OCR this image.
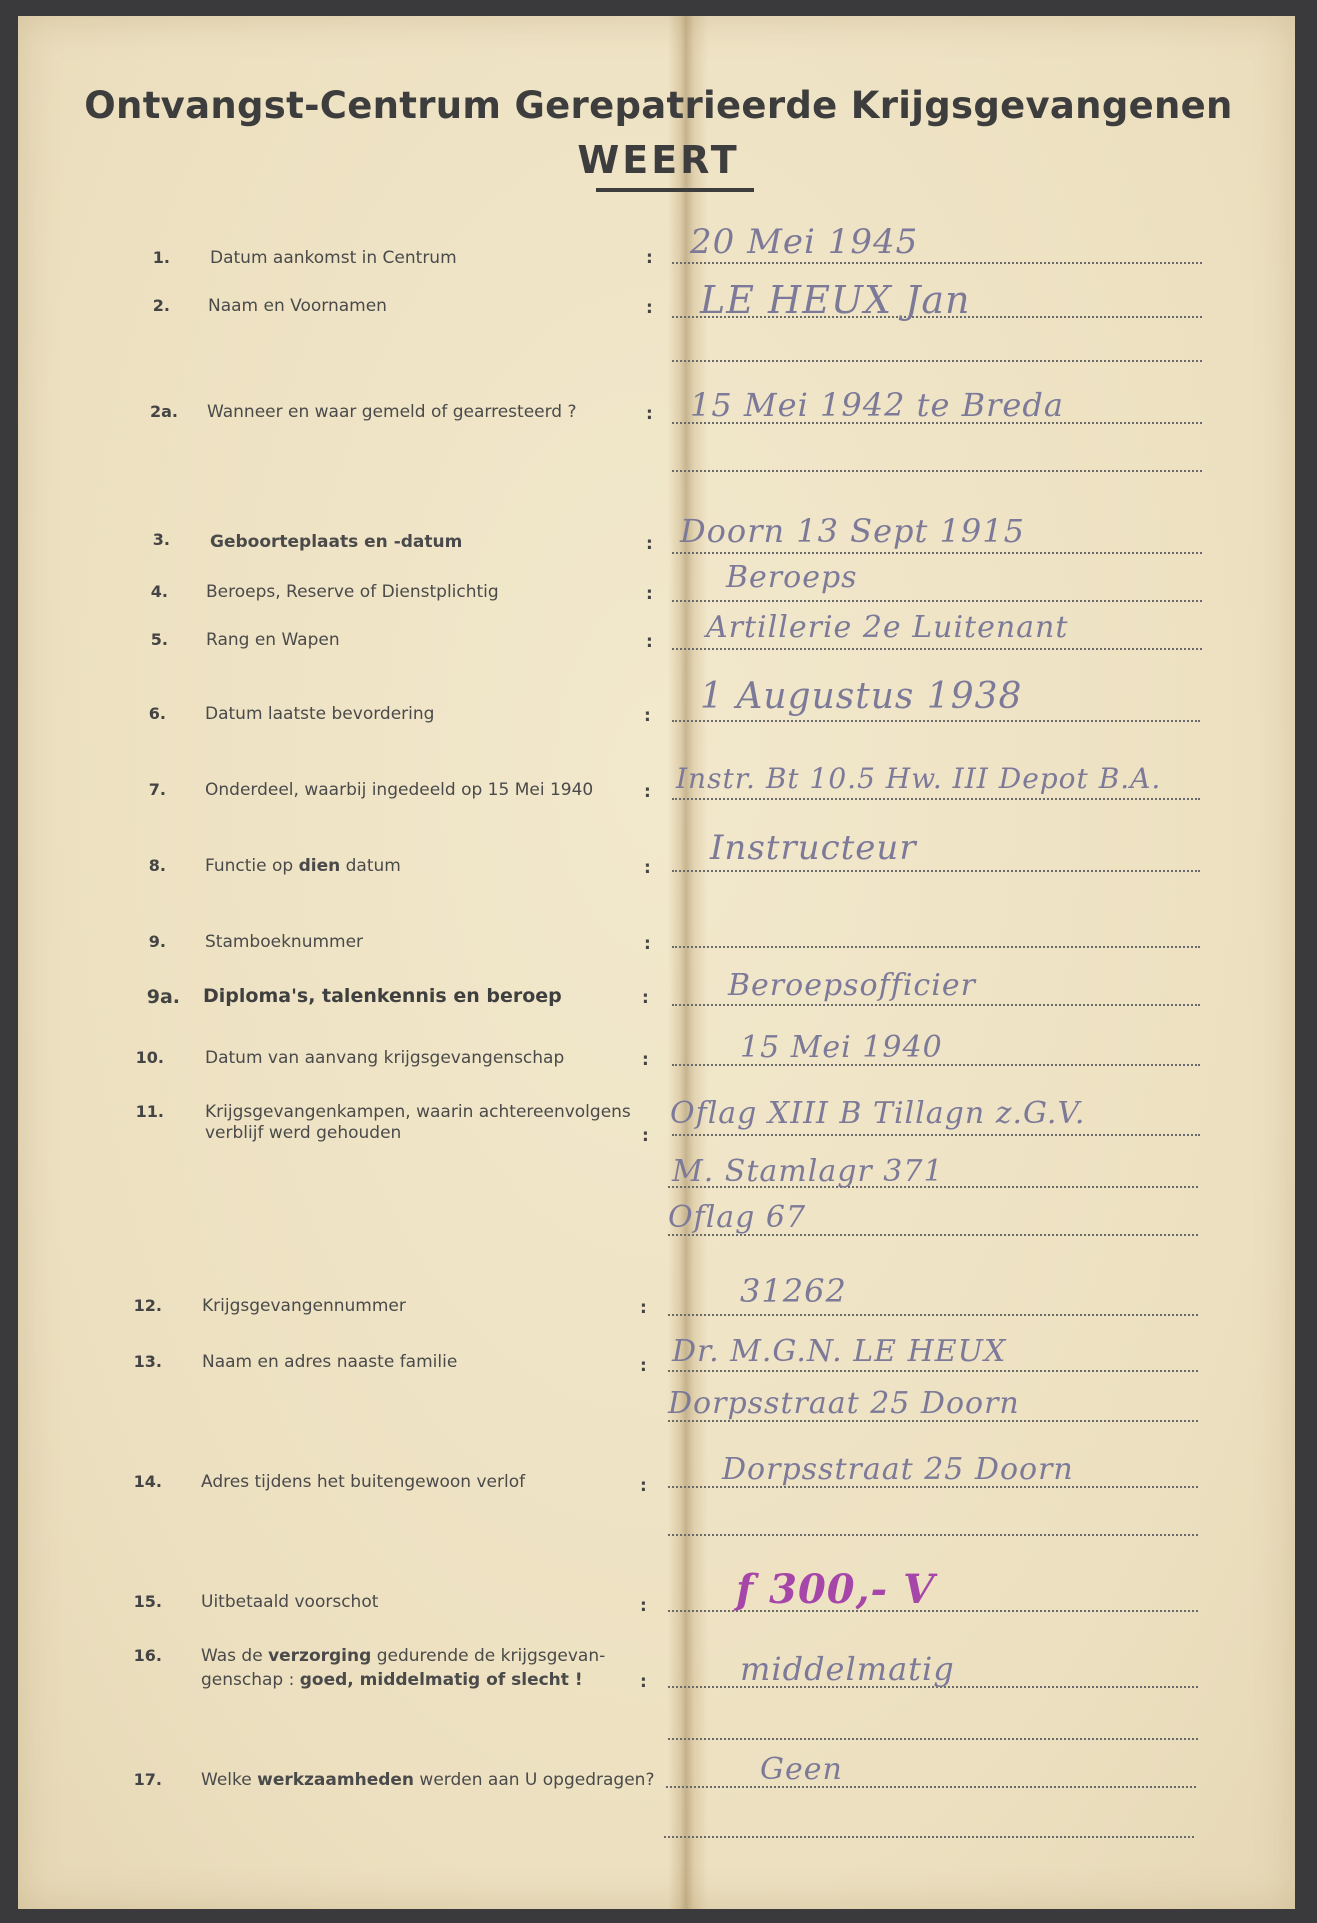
Ontvangst-Centrum Gerepatrieerde Krijgsgevangenen
WEERT
1. Datum aankomst in Centrum	: 20 Mei 1945
2. Naam en Voornamen	: LE HEUX Jan
2a. Wanneer en waar gemeld of gearresteerd ?	: 15 Mei 1942 te Breda
3. Geboorteplaats en -datum	: Doorn 13 Sept 1915
4. Beroeps, Reserve of Dienstplichtig	: Beroeps
5. Rang en Wapen	: Artillerie 2e Luitenant
6. Datum laatste bevordering	: 1 Augustus 1938
7. Onderdeel, waarbij ingedeeld op 15 Mei 1940	: Instr. Bt 10.5 Hw. III Depot B.A.
8. Functie op dien datum	: Instructeur
9. Stamboeknummer	:
9a. Diploma's, talenkennis en beroep	:	Beroepsofficier
10. Datum van aanvang krijgsgevangenschap	:	15 Mei 1940
11. Krijgsgevangenkampen, waarin achtereenvolgens
verblijf werd gehouden	:
Oflag XIII B Tillagn z.G.V.
M. Stamlagr 371
Oflag 67
12. Krijgsgevangennummer	:	31262
13. Naam en adres naaste familie	: Dr. M.G.N. LE HEUX
Dorpsstraat 25 Doorn
14. Adres tijdens het buitengewoon verlof	:	Dorpsstraat 25 Doorn
15. Uitbetaald voorschot	: f 300,- V
16. Was de verzorging gedurende de krijgsgevan-
genschap : goed, middelmatig of slecht !	:	middelmatig
17. Welke werkzaamheden werden aan U opgedragen?	Geen
